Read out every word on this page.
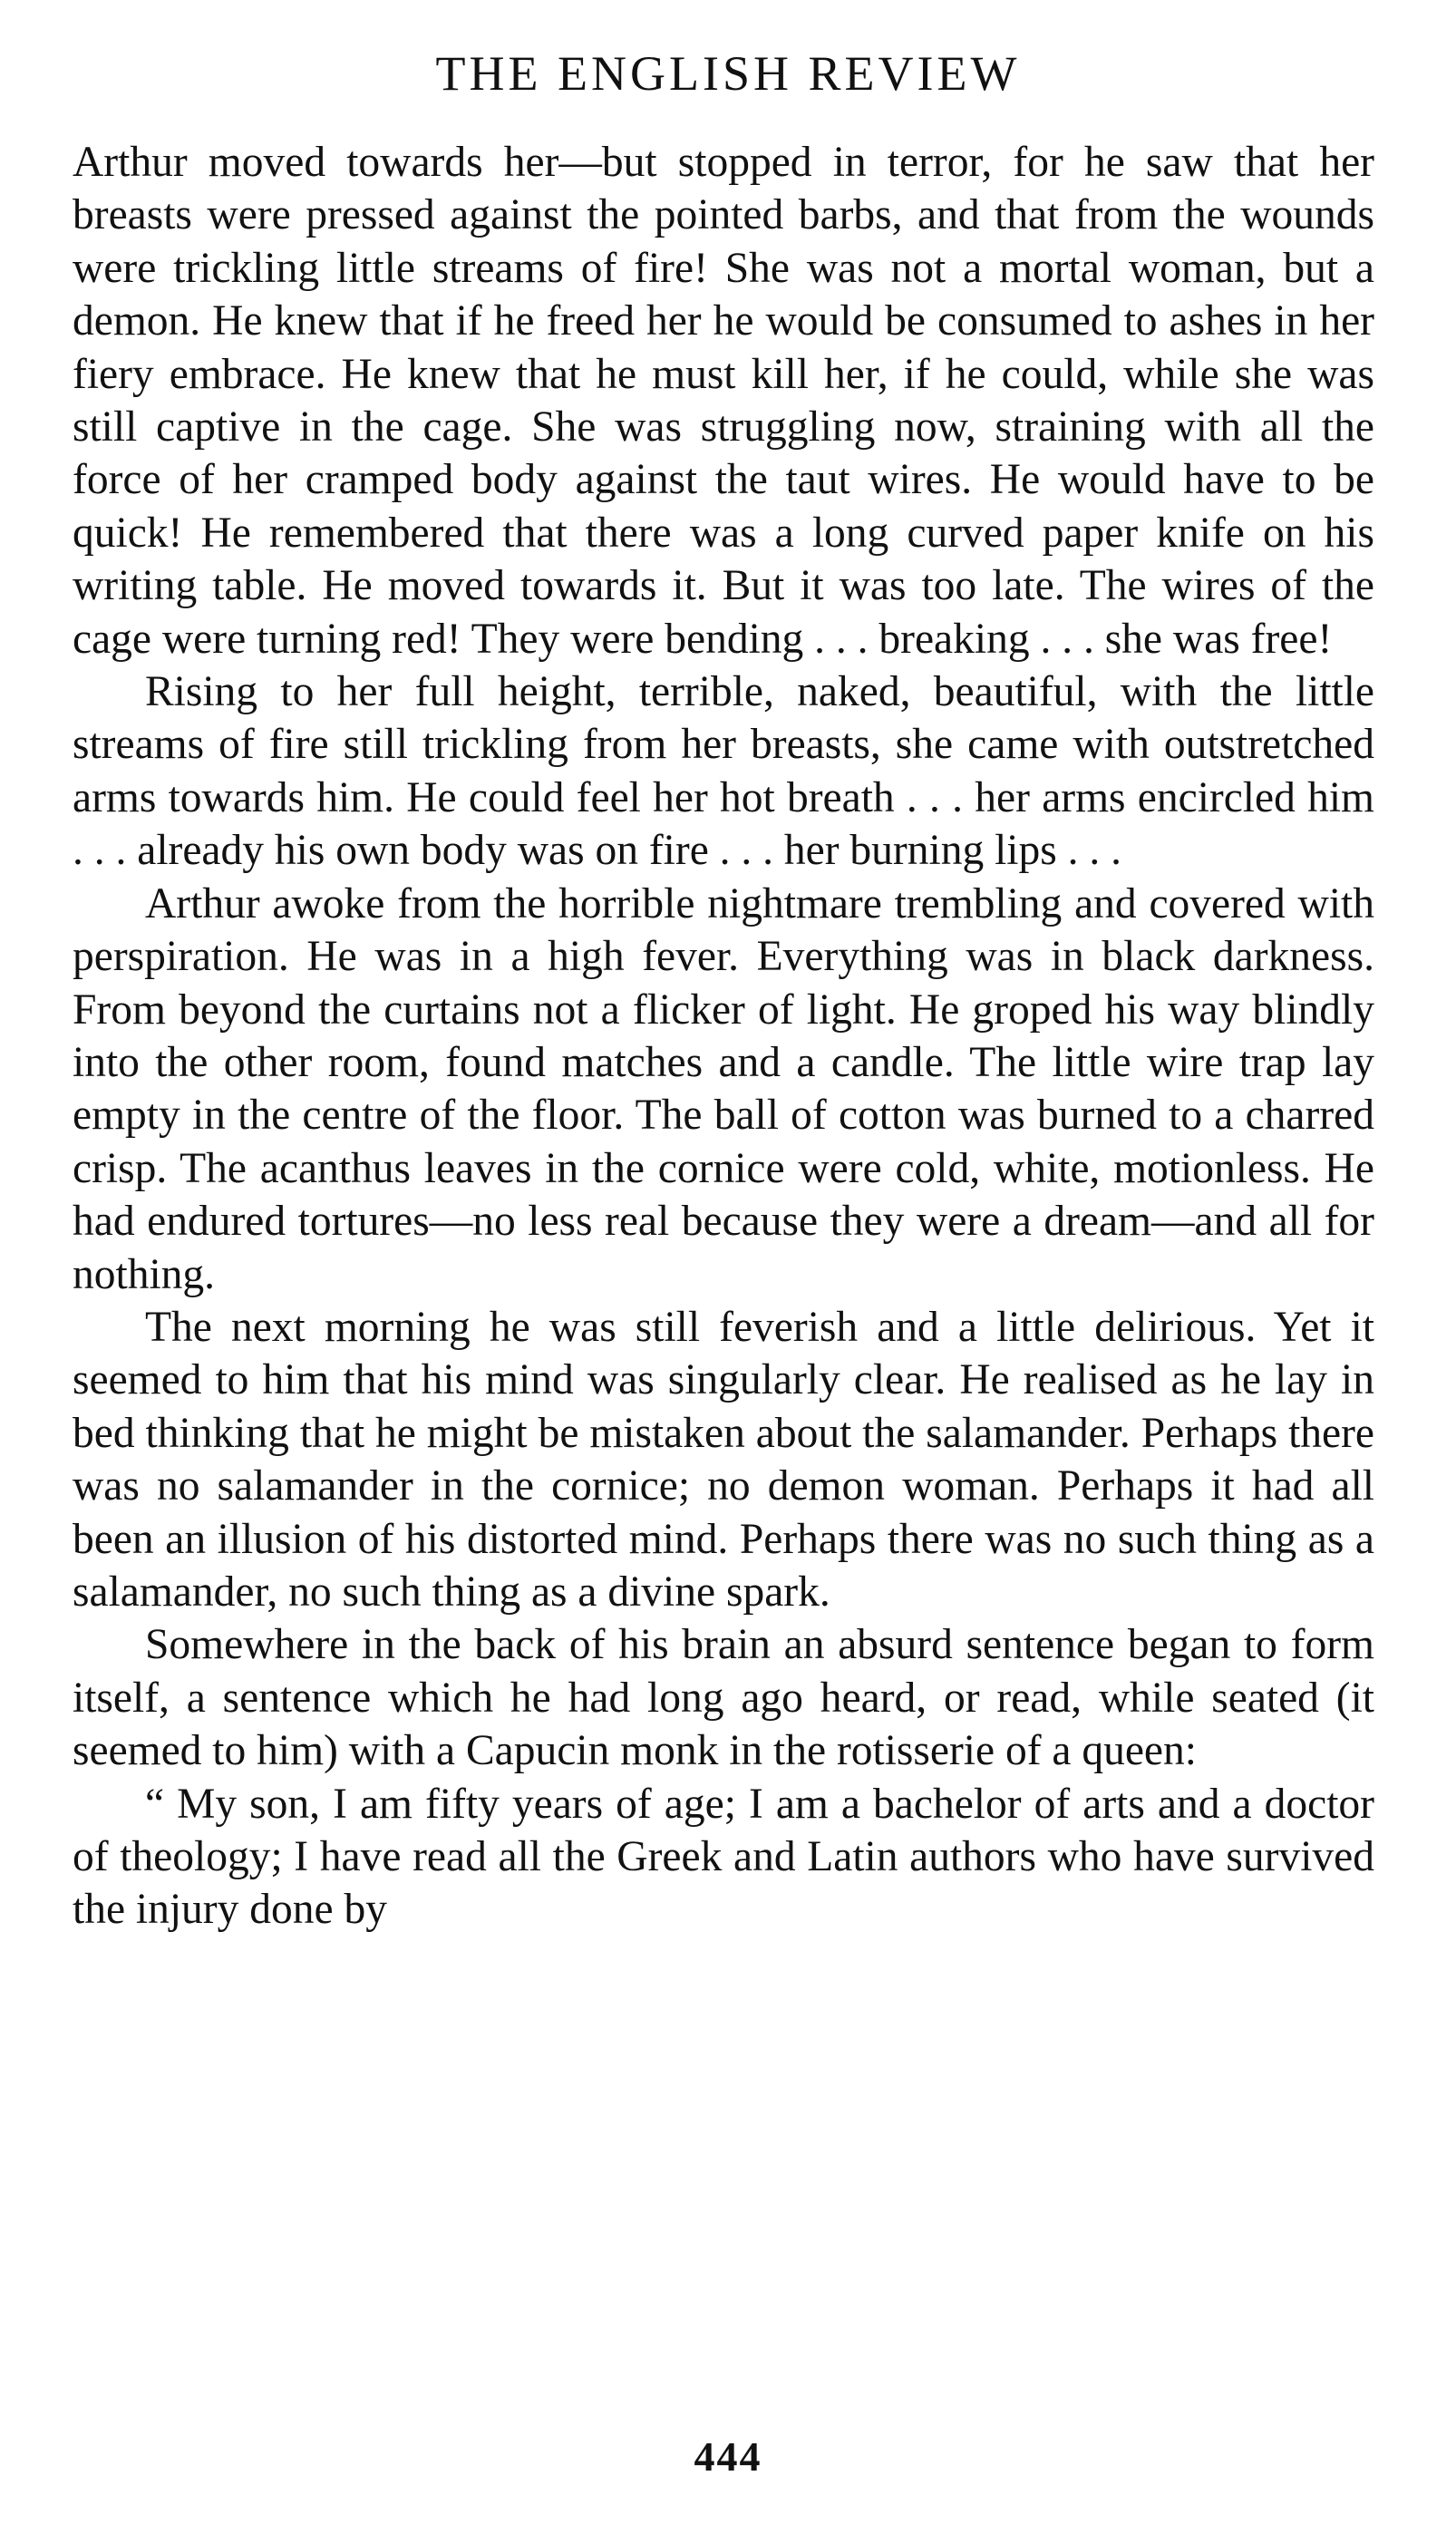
THE ENGLISH REVIEW

Arthur moved towards her—but stopped in terror, for he saw that her breasts were pressed against the pointed barbs, and that from the wounds were trickling little streams of fire! She was not a mortal woman, but a demon. He knew that if he freed her he would be consumed to ashes in her fiery embrace. He knew that he must kill her, if he could, while she was still captive in the cage. She was struggling now, straining with all the force of her cramped body against the taut wires. He would have to be quick! He remembered that there was a long curved paper knife on his writing table. He moved towards it. But it was too late. The wires of the cage were turning red! They were bending . . . breaking . . . she was free!

Rising to her full height, terrible, naked, beautiful, with the little streams of fire still trickling from her breasts, she came with outstretched arms towards him. He could feel her hot breath . . . her arms encircled him . . . already his own body was on fire . . . her burning lips . . .

Arthur awoke from the horrible nightmare trembling and covered with perspiration. He was in a high fever. Everything was in black darkness. From beyond the curtains not a flicker of light. He groped his way blindly into the other room, found matches and a candle. The little wire trap lay empty in the centre of the floor. The ball of cotton was burned to a charred crisp. The acanthus leaves in the cornice were cold, white, motionless. He had endured tortures—no less real because they were a dream—and all for nothing.

The next morning he was still feverish and a little delirious. Yet it seemed to him that his mind was singularly clear. He realised as he lay in bed thinking that he might be mistaken about the salamander. Perhaps there was no salamander in the cornice; no demon woman. Perhaps it had all been an illusion of his distorted mind. Perhaps there was no such thing as a salamander, no such thing as a divine spark.

Somewhere in the back of his brain an absurd sentence began to form itself, a sentence which he had long ago heard, or read, while seated (it seemed to him) with a Capucin monk in the rotisserie of a queen:

“ My son, I am fifty years of age; I am a bachelor of arts and a doctor of theology; I have read all the Greek and Latin authors who have survived the injury done by

444
